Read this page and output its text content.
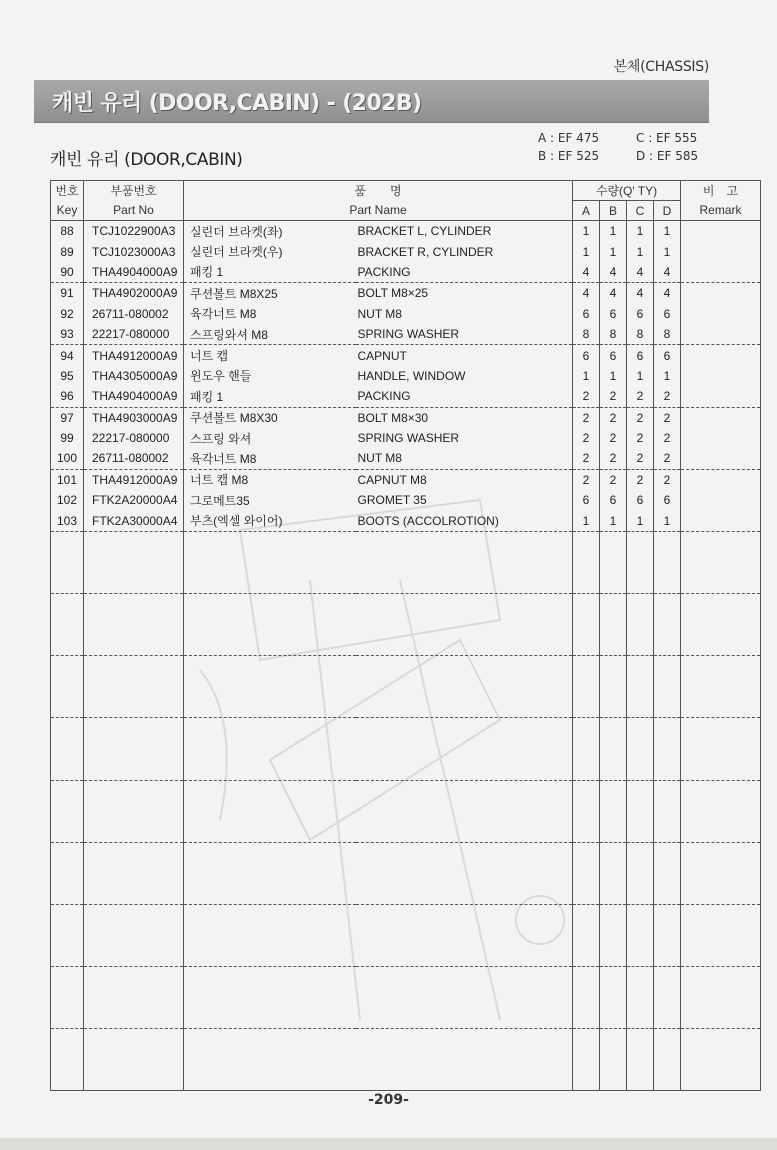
본체(CHASSIS)
캐빈 유리 (DOOR,CABIN) - (202B)
캐빈 유리 (DOOR,CABIN)
A : EF 475	C : EF 555
B : EF 525	D : EF 585
번호	부품번호	품　　명		수량(Q' TY)				비　고
Key	Part No	Part Name		A	B	C	D	Remark
88	TCJ1022900A3	실린더 브라켓(좌)	BRACKET L, CYLINDER	1	1	1	1	
89	TCJ1023000A3	실린더 브라켓(우)	BRACKET R, CYLINDER	1	1	1	1	
90	THA4904000A9	패킹 1	PACKING	4	4	4	4	
91	THA4902000A9	쿠션볼트 M8X25	BOLT M8×25	4	4	4	4	
92	26711-080002	육각너트 M8	NUT M8	6	6	6	6	
93	22217-080000	스프링와셔 M8	SPRING WASHER	8	8	8	8	
94	THA4912000A9	너트 캡	CAPNUT	6	6	6	6	
95	THA4305000A9	윈도우 핸들	HANDLE, WINDOW	1	1	1	1	
96	THA4904000A9	패킹 1	PACKING	2	2	2	2	
97	THA4903000A9	쿠션볼트 M8X30	BOLT M8×30	2	2	2	2	
99	22217-080000	스프링 와셔	SPRING WASHER	2	2	2	2	
100	26711-080002	육각너트 M8	NUT M8	2	2	2	2	
101	THA4912000A9	너트 캡 M8	CAPNUT M8	2	2	2	2	
102	FTK2A20000A4	그로메트35	GROMET 35	6	6	6	6	
103	FTK2A30000A4	부츠(엑셀 와이어)	BOOTS (ACCOLROTION)	1	1	1	1	

-209-
